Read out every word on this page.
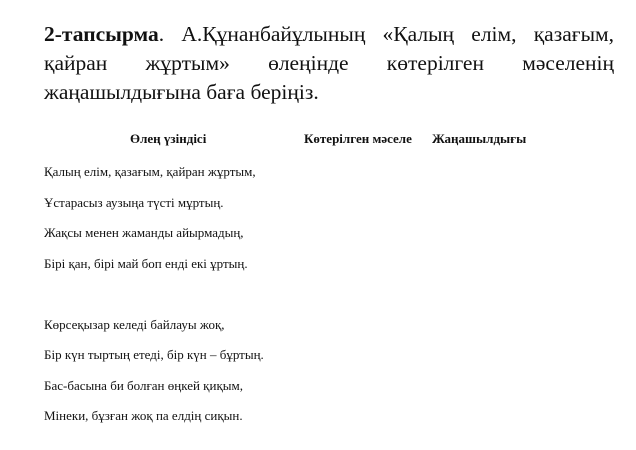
2-тапсырма. А.Құнанбайұлының «Қалың елім, қазағым, қайран жұртым» өлеңінде көтерілген мәселенің жаңашылдығына баға беріңіз.
Өлең үзіндісі	Көтерілген мәселе Жаңашылдығы
Қалың елім, қазағым, қайран жұртым,
Ұстарасыз аузыңа түсті мұртың.
Жақсы менен жаманды айырмадың,
Бірі қан, бірі май боп енді екі ұртың.
Көрсеқызар келеді байлауы жоқ,
Бір күн тыртың етеді, бір күн – бұртың.
Бас-басына би болған өңкей қиқым,
Мінеки, бұзған жоқ па елдің сиқын.
